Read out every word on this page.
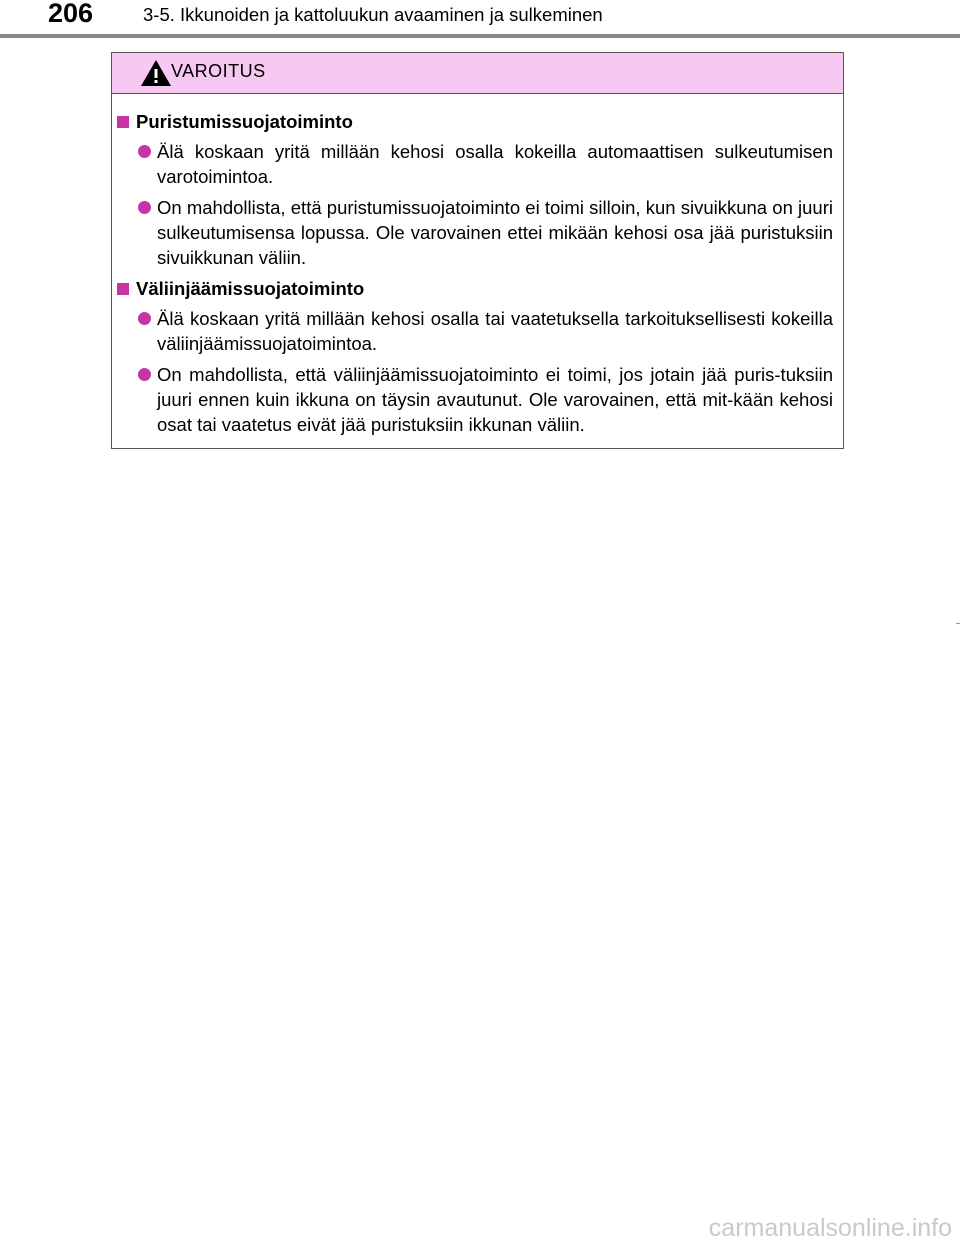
206	3-5. Ikkunoiden ja kattoluukun avaaminen ja sulkeminen
VAROITUS
Puristumissuojatoiminto
Älä koskaan yritä millään kehosi osalla kokeilla automaattisen sulkeutumisen varotoimintoa.
On mahdollista, että puristumissuojatoiminto ei toimi silloin, kun sivuikkuna on juuri sulkeutumisensa lopussa. Ole varovainen ettei mikään kehosi osa jää puristuksiin sivuikkunan väliin.
Väliinjäämissuojatoiminto
Älä koskaan yritä millään kehosi osalla tai vaatetuksella tarkoituksellisesti kokeilla väliinjäämissuojatoimintoa.
On mahdollista, että väliinjäämissuojatoiminto ei toimi, jos jotain jää puris-tuksiin juuri ennen kuin ikkuna on täysin avautunut. Ole varovainen, että mit-kään kehosi osat tai vaatetus eivät jää puristuksiin ikkunan väliin.
carmanualsonline.info
